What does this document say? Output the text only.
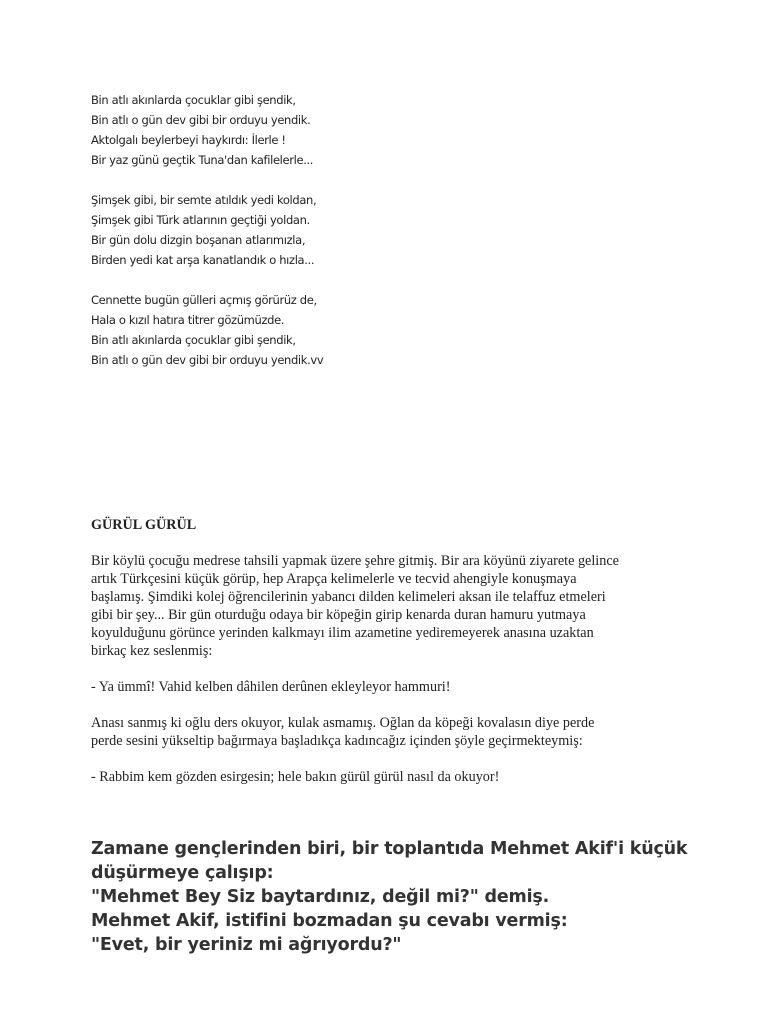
Bin atlı akınlarda çocuklar gibi şendik,
Bin atlı o gün dev gibi bir orduyu yendik.
Aktolgalı beylerbeyi haykırdı: İlerle !
Bir yaz günü geçtik Tuna'dan kafilelerle...
Şimşek gibi, bir semte atıldık yedi koldan,
Şimşek gibi Türk atlarının geçtiği yoldan.
Bir gün dolu dizgin boşanan atlarımızla,
Birden yedi kat arşa kanatlandık o hızla...
Cennette bugün gülleri açmış görürüz de,
Hala o kızıl hatıra titrer gözümüzde.
Bin atlı akınlarda çocuklar gibi şendik,
Bin atlı o gün dev gibi bir orduyu yendik.vv
GÜRÜL GÜRÜL
Bir köylü çocuğu medrese tahsili yapmak üzere şehre gitmiş. Bir ara köyünü ziyarete gelince
artık Türkçesini küçük görüp, hep Arapça kelimelerle ve tecvid ahengiyle konuşmaya
başlamış. Şimdiki kolej öğrencilerinin yabancı dilden kelimeleri aksan ile telaffuz etmeleri
gibi bir şey... Bir gün oturduğu odaya bir köpeğin girip kenarda duran hamuru yutmaya
koyulduğunu görünce yerinden kalkmayı ilim azametine yediremeyerek anasına uzaktan
birkaç kez seslenmiş:
- Ya ümmî! Vahid kelben dâhilen derûnen ekleyleyor hammuri!
Anası sanmış ki oğlu ders okuyor, kulak asmamış. Oğlan da köpeği kovalasın diye perde
perde sesini yükseltip bağırmaya başladıkça kadıncağız içinden şöyle geçirmekteymiş:
- Rabbim kem gözden esirgesin; hele bakın gürül gürül nasıl da okuyor!
Zamane gençlerinden biri, bir toplantıda Mehmet Akif'i küçük
düşürmeye çalışıp:
"Mehmet Bey Siz baytardınız, değil mi?" demiş.
Mehmet Akif, istifini bozmadan şu cevabı vermiş:
"Evet, bir yeriniz mi ağrıyordu?"
